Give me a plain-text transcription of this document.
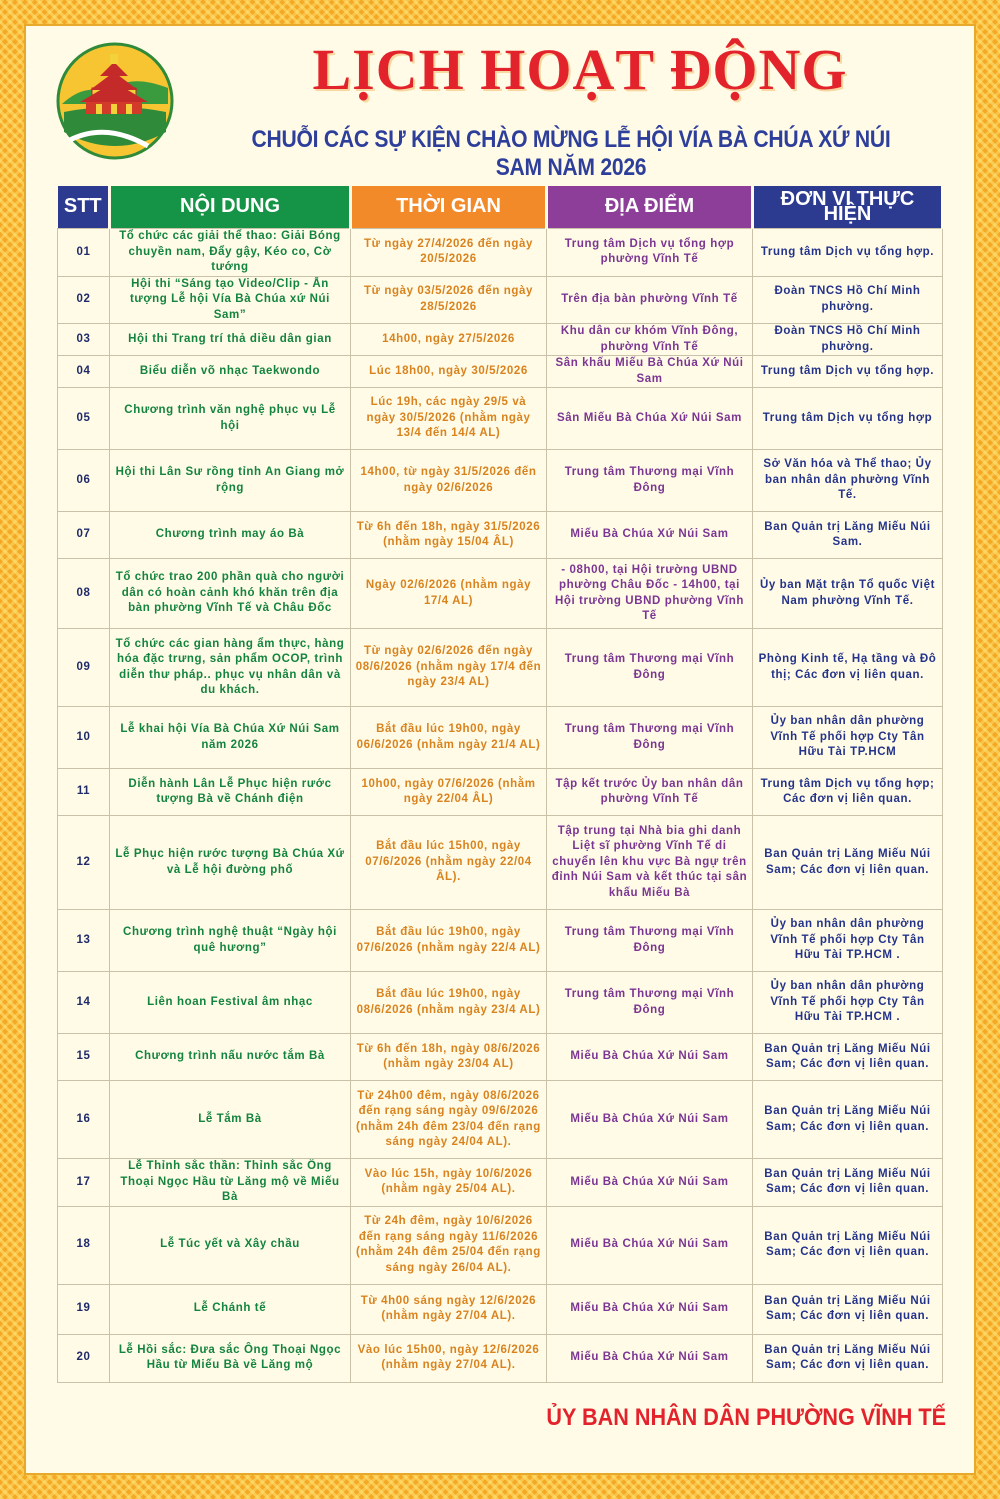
LỊCH HOẠT ĐỘNG
CHUỖI CÁC SỰ KIỆN CHÀO MỪNG LỄ HỘI VÍA BÀ CHÚA XỨ NÚI SAM NĂM 2026
STT	NỘI DUNG	THỜI GIAN	ĐỊA ĐIỂM	ĐƠN VỊ THỰC HIỆN
01	Tổ chức các giải thể thao: Giải Bóng chuyền nam, Đẩy gậy, Kéo co, Cờ tướng	Từ ngày 27/4/2026 đến ngày 20/5/2026	Trung tâm Dịch vụ tổng hợp phường Vĩnh Tế	Trung tâm Dịch vụ tổng hợp.
02	Hội thi “Sáng tạo Video/Clip - Ấn tượng Lễ hội Vía Bà Chúa xứ Núi Sam”	Từ ngày 03/5/2026 đến ngày 28/5/2026	Trên địa bàn phường Vĩnh Tế	Đoàn TNCS Hồ Chí Minh phường.
03	Hội thi Trang trí thả diều dân gian	14h00, ngày 27/5/2026	Khu dân cư khóm Vĩnh Đông, phường Vĩnh Tế	Đoàn TNCS Hồ Chí Minh phường.
04	Biểu diễn võ nhạc Taekwondo	Lúc 18h00, ngày 30/5/2026	Sân khấu Miếu Bà Chúa Xứ Núi Sam	Trung tâm Dịch vụ tổng hợp.
05	Chương trình văn nghệ phục vụ Lễ hội	Lúc 19h, các ngày 29/5 và ngày 30/5/2026 (nhằm ngày 13/4 đến 14/4 AL)	Sân Miếu Bà Chúa Xứ Núi Sam	Trung tâm Dịch vụ tổng hợp
06	Hội thi Lân Sư rồng tỉnh An Giang mở rộng	14h00, từ ngày 31/5/2026 đến ngày 02/6/2026	Trung tâm Thương mại Vĩnh Đông	Sở Văn hóa và Thể thao; Ủy ban nhân dân phường Vĩnh Tế.
07	Chương trình may áo Bà	Từ 6h đến 18h, ngày 31/5/2026 (nhằm ngày 15/04 ÂL)	Miếu Bà Chúa Xứ Núi Sam	Ban Quản trị Lăng Miếu Núi Sam.
08	Tổ chức trao 200 phần quà cho người dân có hoàn cảnh khó khăn trên địa bàn phường Vĩnh Tế và Châu Đốc	Ngày 02/6/2026 (nhằm ngày 17/4 AL)	- 08h00, tại Hội trường UBND phường Châu Đốc - 14h00, tại Hội trường UBND phường Vĩnh Tế	Ủy ban Mặt trận Tổ quốc Việt Nam phường Vĩnh Tế.
09	Tổ chức các gian hàng ẩm thực, hàng hóa đặc trưng, sản phẩm OCOP, trình diễn thư pháp.. phục vụ nhân dân và du khách.	Từ ngày 02/6/2026 đến ngày 08/6/2026 (nhằm ngày 17/4 đến ngày 23/4 AL)	Trung tâm Thương mại Vĩnh Đông	Phòng Kinh tế, Hạ tầng và Đô thị; Các đơn vị liên quan.
10	Lễ khai hội Vía Bà Chúa Xứ Núi Sam năm 2026	Bắt đầu lúc 19h00, ngày 06/6/2026 (nhằm ngày 21/4 AL)	Trung tâm Thương mại Vĩnh Đông	Ủy ban nhân dân phường Vĩnh Tế phối hợp Cty Tân Hữu Tài TP.HCM
11	Diễn hành Lân Lễ Phục hiện rước tượng Bà về Chánh điện	10h00, ngày 07/6/2026 (nhằm ngày 22/04 ÂL)	Tập kết trước Ủy ban nhân dân phường Vĩnh Tế	Trung tâm Dịch vụ tổng hợp; Các đơn vị liên quan.
12	Lễ Phục hiện rước tượng Bà Chúa Xứ và Lễ hội đường phố	Bắt đầu lúc 15h00, ngày 07/6/2026 (nhằm ngày 22/04 ÂL).	Tập trung tại Nhà bia ghi danh Liệt sĩ phường Vĩnh Tế di chuyển lên khu vực Bà ngự trên đỉnh Núi Sam và kết thúc tại sân khấu Miếu Bà	Ban Quản trị Lăng Miếu Núi Sam; Các đơn vị liên quan.
13	Chương trình nghệ thuật “Ngày hội quê hương”	Bắt đầu lúc 19h00, ngày 07/6/2026 (nhằm ngày 22/4 AL)	Trung tâm Thương mại Vĩnh Đông	Ủy ban nhân dân phường Vĩnh Tế phối hợp Cty Tân Hữu Tài TP.HCM .
14	Liên hoan Festival âm nhạc	Bắt đầu lúc 19h00, ngày 08/6/2026 (nhằm ngày 23/4 AL)	Trung tâm Thương mại Vĩnh Đông	Ủy ban nhân dân phường Vĩnh Tế phối hợp Cty Tân Hữu Tài TP.HCM .
15	Chương trình nấu nước tắm Bà	Từ 6h đến 18h, ngày 08/6/2026 (nhằm ngày 23/04 AL)	Miếu Bà Chúa Xứ Núi Sam	Ban Quản trị Lăng Miếu Núi Sam; Các đơn vị liên quan.
16	Lễ Tắm Bà	Từ 24h00 đêm, ngày 08/6/2026 đến rạng sáng ngày 09/6/2026 (nhằm 24h đêm 23/04 đến rạng sáng ngày 24/04 AL).	Miếu Bà Chúa Xứ Núi Sam	Ban Quản trị Lăng Miếu Núi Sam; Các đơn vị liên quan.
17	Lễ Thỉnh sắc thần: Thỉnh sắc Ông Thoại Ngọc Hầu từ Lăng mộ về Miếu Bà	Vào lúc 15h, ngày 10/6/2026 (nhằm ngày 25/04 AL).	Miếu Bà Chúa Xứ Núi Sam	Ban Quản trị Lăng Miếu Núi Sam; Các đơn vị liên quan.
18	Lễ Túc yết và Xây chầu	Từ 24h đêm, ngày 10/6/2026 đến rạng sáng ngày 11/6/2026 (nhằm 24h đêm 25/04 đến rạng sáng ngày 26/04 AL).	Miếu Bà Chúa Xứ Núi Sam	Ban Quản trị Lăng Miếu Núi Sam; Các đơn vị liên quan.
19	Lễ Chánh tế	Từ 4h00 sáng ngày 12/6/2026 (nhằm ngày 27/04 AL).	Miếu Bà Chúa Xứ Núi Sam	Ban Quản trị Lăng Miếu Núi Sam; Các đơn vị liên quan.
20	Lễ Hồi sắc: Đưa sắc Ông Thoại Ngọc Hầu từ Miếu Bà về Lăng mộ	Vào lúc 15h00, ngày 12/6/2026 (nhằm ngày 27/04 AL).	Miếu Bà Chúa Xứ Núi Sam	Ban Quản trị Lăng Miếu Núi Sam; Các đơn vị liên quan.
ỦY BAN NHÂN DÂN PHƯỜNG VĨNH TẾ
